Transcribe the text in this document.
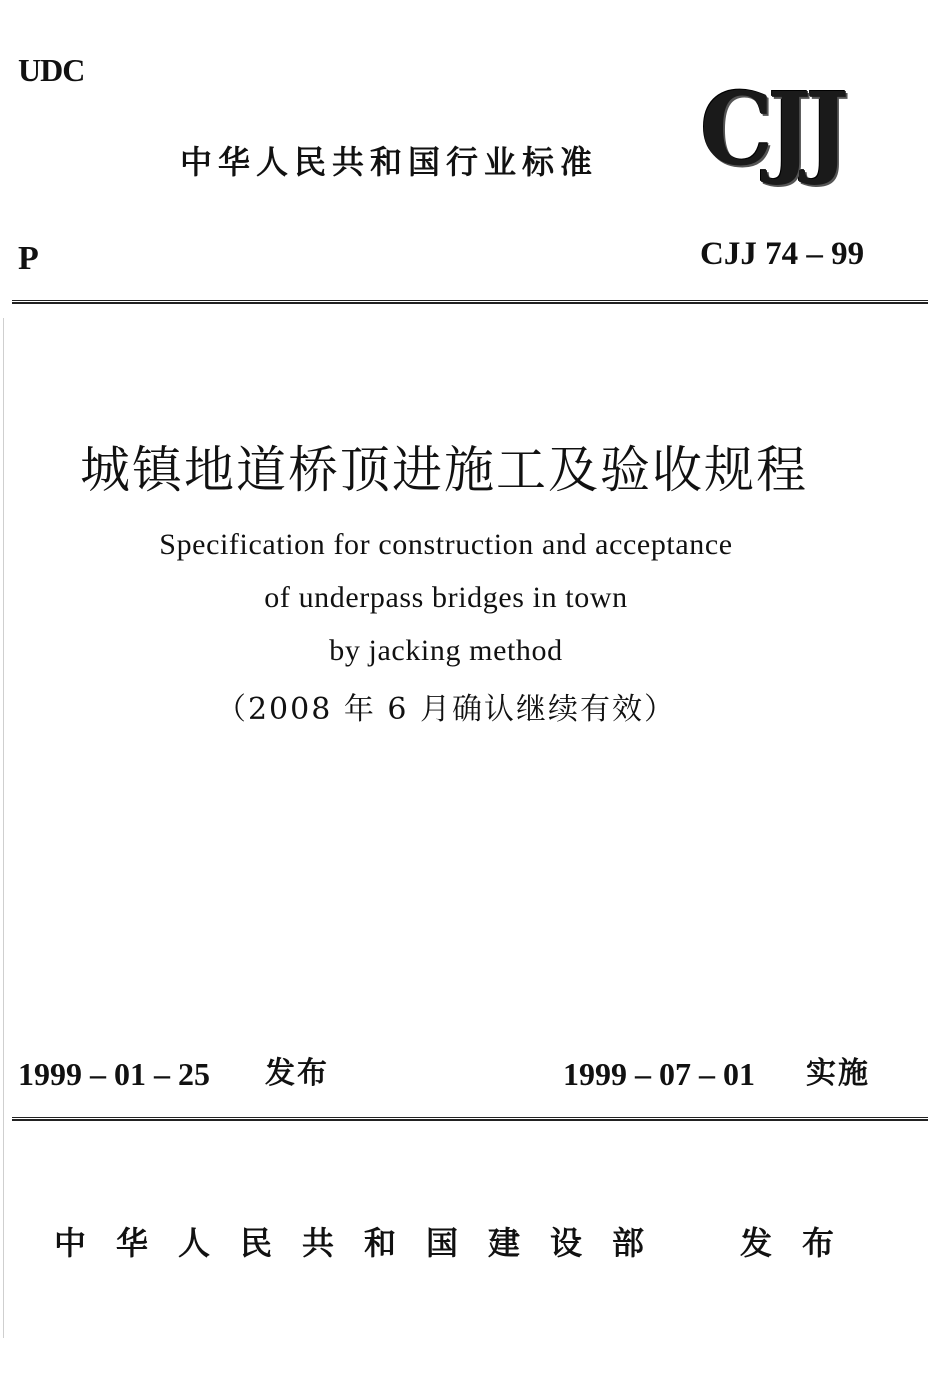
UDC
中华人民共和国行业标准 CJJ
P	CJJ 74 – 99
城镇地道桥顶进施工及验收规程
Specification for construction and acceptance
of underpass bridges in town
by jacking method
（2008 年 6 月确认继续有效）
1999 – 01 – 25 发布	1999 – 07 – 01 实施
中华人民共和国建设部 发布
